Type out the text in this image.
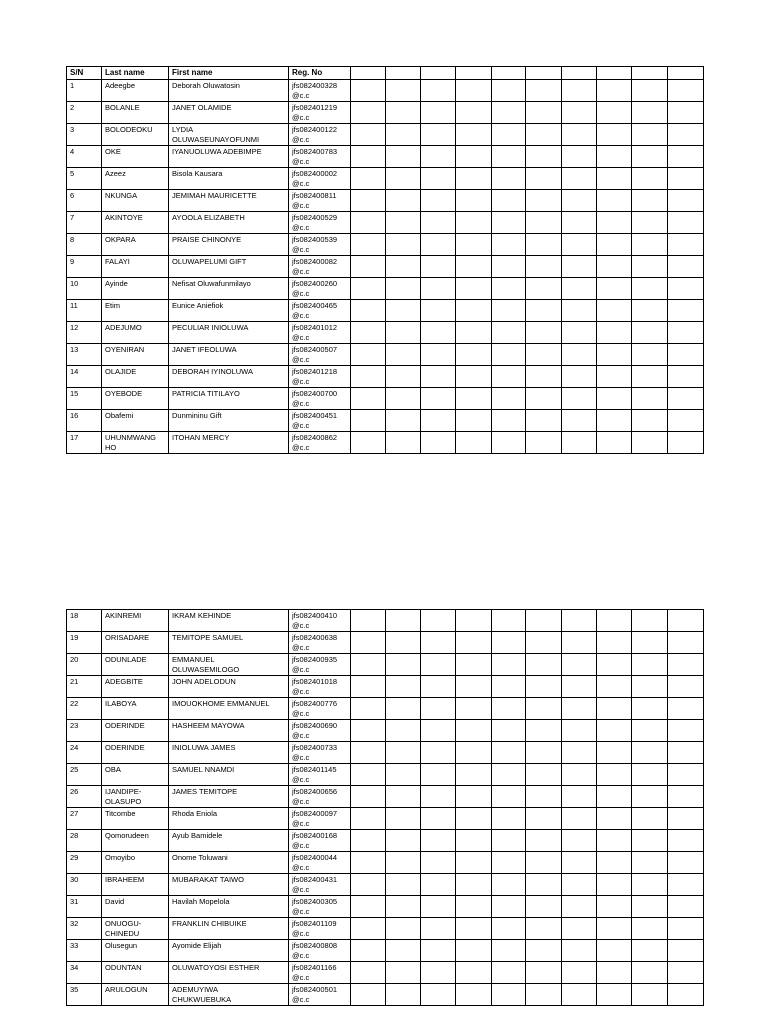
S/N	Last name	First name	Reg. No										
1	Adeegbe	Deborah Oluwatosin	jfs082400328
@c.c										
2	BOLANLE	JANET OLAMIDE	jfs082401219
@c.c										
3	BOLODEOKU	LYDIA
OLUWASEUNAYOFUNMI	jfs082400122
@c.c										
4	OKE	IYANUOLUWA ADEBIMPE	jfs082400783
@c.c										
5	Azeez	Bisola Kausara	jfs082400002
@c.c										
6	NKUNGA	JEMIMAH MAURICETTE	jfs082400811
@c.c										
7	AKINTOYE	AYOOLA ELIZABETH	jfs082400529
@c.c										
8	OKPARA	PRAISE CHINONYE	jfs082400539
@c.c										
9	FALAYI	OLUWAPELUMI GIFT	jfs082400082
@c.c										
10	Ayinde	Nefisat Oluwafunmilayo	jfs082400260
@c.c										
11	Etim	Eunice Aniefiok	jfs082400465
@c.c										
12	ADEJUMO	PECULIAR INIOLUWA	jfs082401012
@c.c										
13	OYENIRAN	JANET IFEOLUWA	jfs082400507
@c.c										
14	OLAJIDE	DEBORAH IYINOLUWA	jfs082401218
@c.c										
15	OYEBODE	PATRICIA TITILAYO	jfs082400700
@c.c										
16	Obafemi	Dunmininu Gift	jfs082400451
@c.c										
17	UHUNMWANG
HO	ITOHAN MERCY	jfs082400862
@c.c										
18	AKINREMI	IKRAM KEHINDE	jfs082400410
@c.c										
19	ORISADARE	TEMITOPE SAMUEL	jfs082400638
@c.c										
20	ODUNLADE	EMMANUEL
OLUWASEMILOGO	jfs082400935
@c.c										
21	ADEGBITE	JOHN ADELODUN	jfs082401018
@c.c										
22	ILABOYA	IMOUOKHOME EMMANUEL	jfs082400776
@c.c										
23	ODERINDE	HASHEEM MAYOWA	jfs082400690
@c.c										
24	ODERINDE	INIOLUWA JAMES	jfs082400733
@c.c										
25	OBA	SAMUEL NNAMDI	jfs082401145
@c.c										
26	IJANDIPE-
OLASUPO	JAMES TEMITOPE	jfs082400656
@c.c										
27	Titcombe	Rhoda Eniola	jfs082400097
@c.c										
28	Qomorudeen	Ayub Bamidele	jfs082400168
@c.c										
29	Omoyibo	Onome Toluwani	jfs082400044
@c.c										
30	IBRAHEEM	MUBARAKAT TAIWO	jfs082400431
@c.c										
31	David	Havilah Mopelola	jfs082400305
@c.c										
32	ONUOGU-
CHINEDU	FRANKLIN CHIBUIKE	jfs082401109
@c.c										
33	Olusegun	Ayomide Elijah	jfs082400808
@c.c										
34	ODUNTAN	OLUWATOYOSI ESTHER	jfs082401166
@c.c										
35	ARULOGUN	ADEMUYIWA
CHUKWUEBUKA	jfs082400501
@c.c										
